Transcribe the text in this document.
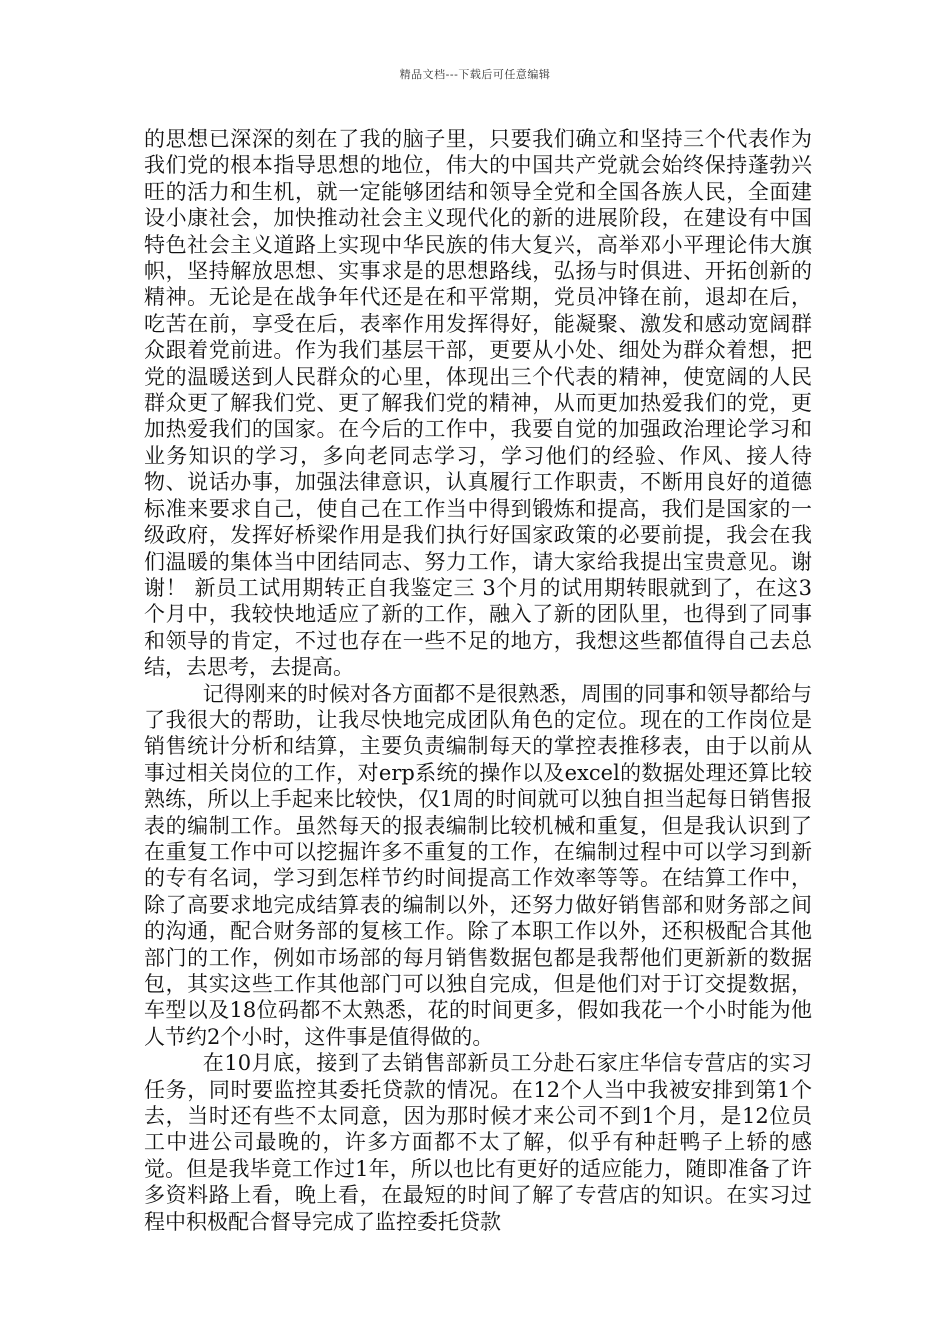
精品文档---下载后可任意编辑

的思想已深深的刻在了我的脑子里，只要我们确立和坚持三个代表作为我们党的根本指导思想的地位，伟大的中国共产党就会始终保持蓬勃兴旺的活力和生机，就一定能够团结和领导全党和全国各族人民，全面建设小康社会，加快推动社会主义现代化的新的进展阶段，在建设有中国特色社会主义道路上实现中华民族的伟大复兴，高举邓小平理论伟大旗帜，坚持解放思想、实事求是的思想路线，弘扬与时俱进、开拓创新的精神。无论是在战争年代还是在和平常期，党员冲锋在前，退却在后，吃苦在前，享受在后，表率作用发挥得好，能凝聚、激发和感动宽阔群众跟着党前进。作为我们基层干部，更要从小处、细处为群众着想，把党的温暖送到人民群众的心里，体现出三个代表的精神，使宽阔的人民群众更了解我们党、更了解我们党的精神，从而更加热爱我们的党，更加热爱我们的国家。在今后的工作中，我要自觉的加强政治理论学习和业务知识的学习，多向老同志学习，学习他们的经验、作风、接人待物、说话办事，加强法律意识，认真履行工作职责，不断用良好的道德标准来要求自己，使自己在工作当中得到锻炼和提高，我们是国家的一级政府，发挥好桥梁作用是我们执行好国家政策的必要前提，我会在我们温暖的集体当中团结同志、努力工作，请大家给我提出宝贵意见。谢谢！ 新员工试用期转正自我鉴定三 3个月的试用期转眼就到了，在这3个月中，我较快地适应了新的工作，融入了新的团队里，也得到了同事和领导的肯定，不过也存在一些不足的地方，我想这些都值得自己去总结，去思考，去提高。

记得刚来的时候对各方面都不是很熟悉，周围的同事和领导都给与了我很大的帮助，让我尽快地完成团队角色的定位。现在的工作岗位是销售统计分析和结算，主要负责编制每天的掌控表推移表，由于以前从事过相关岗位的工作，对erp系统的操作以及excel的数据处理还算比较熟练，所以上手起来比较快，仅1周的时间就可以独自担当起每日销售报表的编制工作。虽然每天的报表编制比较机械和重复，但是我认识到了在重复工作中可以挖掘许多不重复的工作，在编制过程中可以学习到新的专有名词，学习到怎样节约时间提高工作效率等等。在结算工作中，除了高要求地完成结算表的编制以外，还努力做好销售部和财务部之间的沟通，配合财务部的复核工作。除了本职工作以外，还积极配合其他部门的工作，例如市场部的每月销售数据包都是我帮他们更新新的数据包，其实这些工作其他部门可以独自完成，但是他们对于订交提数据，车型以及18位码都不太熟悉，花的时间更多，假如我花一个小时能为他人节约2个小时，这件事是值得做的。

在10月底，接到了去销售部新员工分赴石家庄华信专营店的实习任务，同时要监控其委托贷款的情况。在12个人当中我被安排到第1个去，当时还有些不太同意，因为那时候才来公司不到1个月，是12位员工中进公司最晚的，许多方面都不太了解，似乎有种赶鸭子上轿的感觉。但是我毕竟工作过1年，所以也比有更好的适应能力，随即准备了许多资料路上看，晚上看，在最短的时间了解了专营店的知识。在实习过程中积极配合督导完成了监控委托贷款
